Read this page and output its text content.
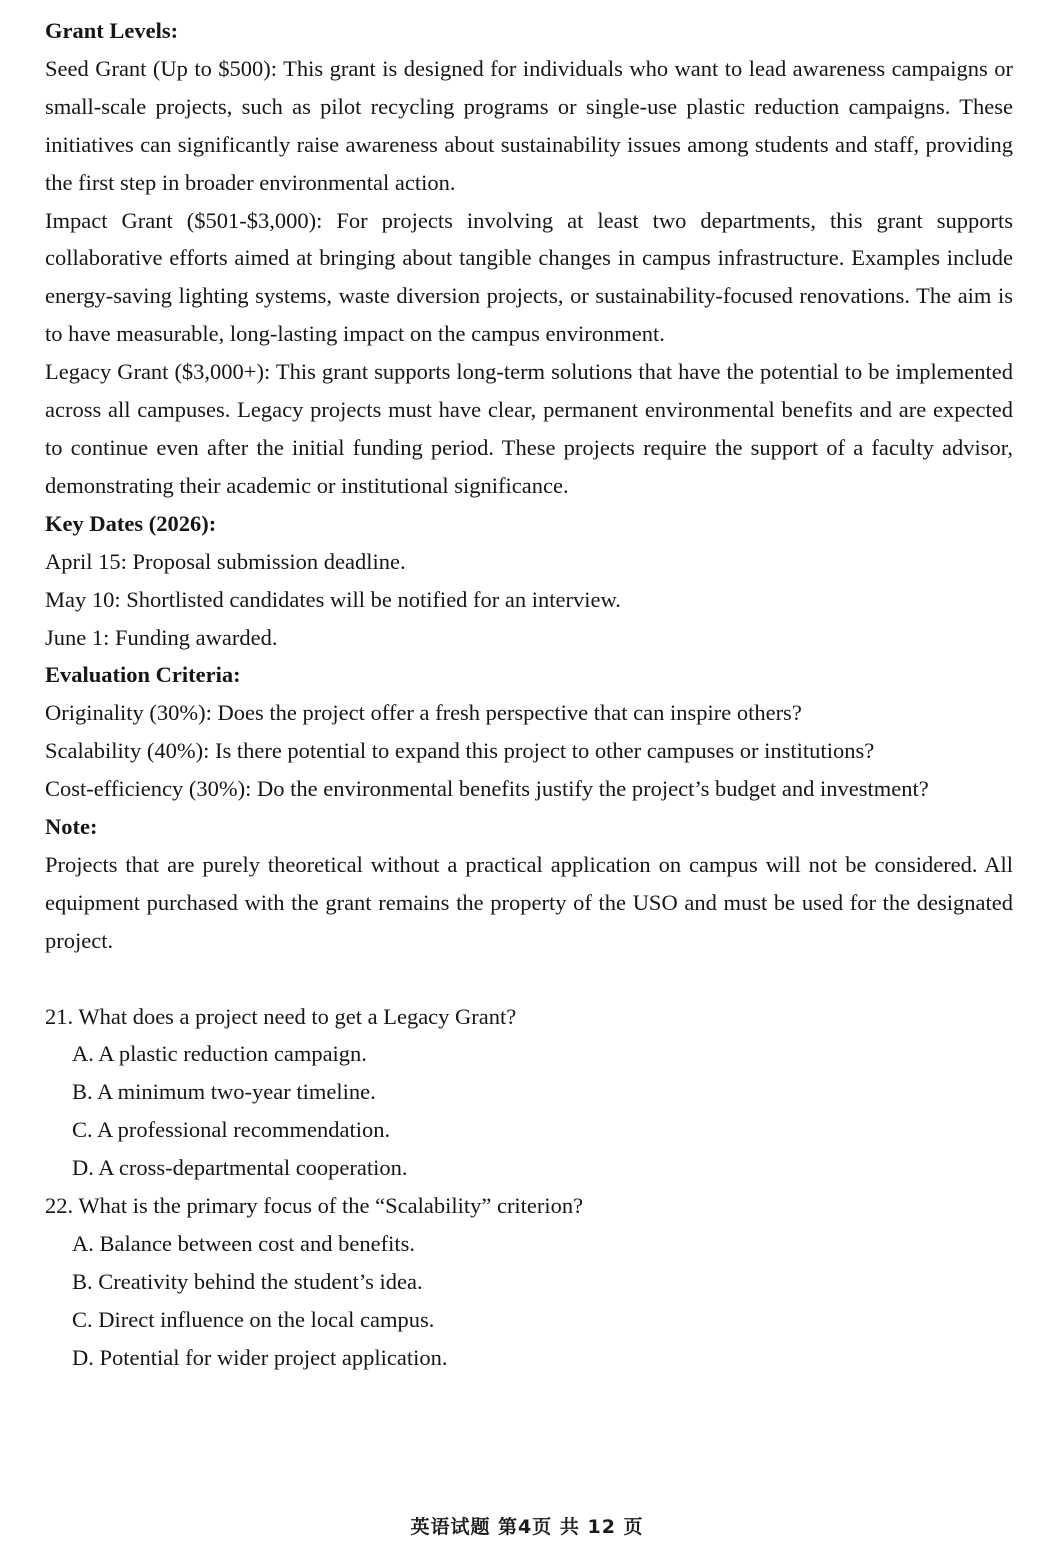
Grant Levels:

Seed Grant (Up to $500): This grant is designed for individuals who want to lead awareness campaigns or small-scale projects, such as pilot recycling programs or single-use plastic reduction campaigns. These initiatives can significantly raise awareness about sustainability issues among students and staff, providing the first step in broader environmental action.

Impact Grant ($501-$3,000): For projects involving at least two departments, this grant supports collaborative efforts aimed at bringing about tangible changes in campus infrastructure. Examples include energy-saving lighting systems, waste diversion projects, or sustainability-focused renovations. The aim is to have measurable, long-lasting impact on the campus environment.

Legacy Grant ($3,000+): This grant supports long-term solutions that have the potential to be implemented across all campuses. Legacy projects must have clear, permanent environmental benefits and are expected to continue even after the initial funding period. These projects require the support of a faculty advisor, demonstrating their academic or institutional significance.

Key Dates (2026):

April 15: Proposal submission deadline.

May 10: Shortlisted candidates will be notified for an interview.

June 1: Funding awarded.

Evaluation Criteria:

Originality (30%): Does the project offer a fresh perspective that can inspire others?

Scalability (40%): Is there potential to expand this project to other campuses or institutions?

Cost-efficiency (30%): Do the environmental benefits justify the project’s budget and investment?

Note:

Projects that are purely theoretical without a practical application on campus will not be considered. All equipment purchased with the grant remains the property of the USO and must be used for the designated project.

21. What does a project need to get a Legacy Grant?

A. A plastic reduction campaign.

B. A minimum two-year timeline.

C. A professional recommendation.

D. A cross-departmental cooperation.

22. What is the primary focus of the “Scalability” criterion?

A. Balance between cost and benefits.

B. Creativity behind the student’s idea.

C. Direct influence on the local campus.

D. Potential for wider project application.

英语试题 第4页 共 12 页
